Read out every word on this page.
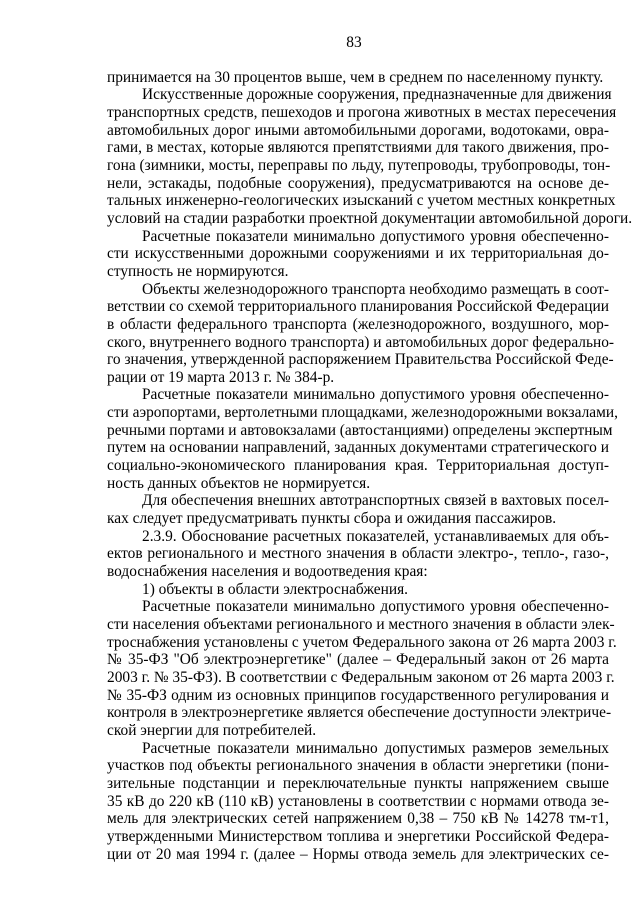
83
принимается на 30 процентов выше, чем в среднем по населенному пункту.
Искусственные дорожные сооружения, предназначенные для движения
транспортных средств, пешеходов и прогона животных в местах пересечения
автомобильных дорог иными автомобильными дорогами, водотоками, овра-
гами, в местах, которые являются препятствиями для такого движения, про-
гона (зимники, мосты, переправы по льду, путепроводы, трубопроводы, тон-
нели, эстакады, подобные сооружения), предусматриваются на основе де-
тальных инженерно-геологических изысканий с учетом местных конкретных
условий на стадии разработки проектной документации автомобильной дороги.
Расчетные показатели минимально допустимого уровня обеспеченно-
сти искусственными дорожными сооружениями и их территориальная до-
ступность не нормируются.
Объекты железнодорожного транспорта необходимо размещать в соот-
ветствии со схемой территориального планирования Российской Федерации
в области федерального транспорта (железнодорожного, воздушного, мор-
ского, внутреннего водного транспорта) и автомобильных дорог федерально-
го значения, утвержденной распоряжением Правительства Российской Феде-
рации от 19 марта 2013 г. № 384-р.
Расчетные показатели минимально допустимого уровня обеспеченно-
сти аэропортами, вертолетными площадками, железнодорожными вокзалами,
речными портами и автовокзалами (автостанциями) определены экспертным
путем на основании направлений, заданных документами стратегического и
социально-экономического планирования края. Территориальная доступ-
ность данных объектов не нормируется.
Для обеспечения внешних автотранспортных связей в вахтовых посел-
ках следует предусматривать пункты сбора и ожидания пассажиров.
2.3.9. Обоснование расчетных показателей, устанавливаемых для объ-
ектов регионального и местного значения в области электро-, тепло-, газо-,
водоснабжения населения и водоотведения края:
1) объекты в области электроснабжения.
Расчетные показатели минимально допустимого уровня обеспеченно-
сти населения объектами регионального и местного значения в области элек-
троснабжения установлены с учетом Федерального закона от 26 марта 2003 г.
№ 35-ФЗ "Об электроэнергетике" (далее – Федеральный закон от 26 марта
2003 г. № 35-ФЗ). В соответствии с Федеральным законом от 26 марта 2003 г.
№ 35-ФЗ одним из основных принципов государственного регулирования и
контроля в электроэнергетике является обеспечение доступности электриче-
ской энергии для потребителей.
Расчетные показатели минимально допустимых размеров земельных
участков под объекты регионального значения в области энергетики (пони-
зительные подстанции и переключательные пункты напряжением свыше
35 кВ до 220 кВ (110 кВ) установлены в соответствии с нормами отвода зе-
мель для электрических сетей напряжением 0,38 – 750 кВ № 14278 тм-т1,
утвержденными Министерством топлива и энергетики Российской Федера-
ции от 20 мая 1994 г. (далее – Нормы отвода земель для электрических се-
